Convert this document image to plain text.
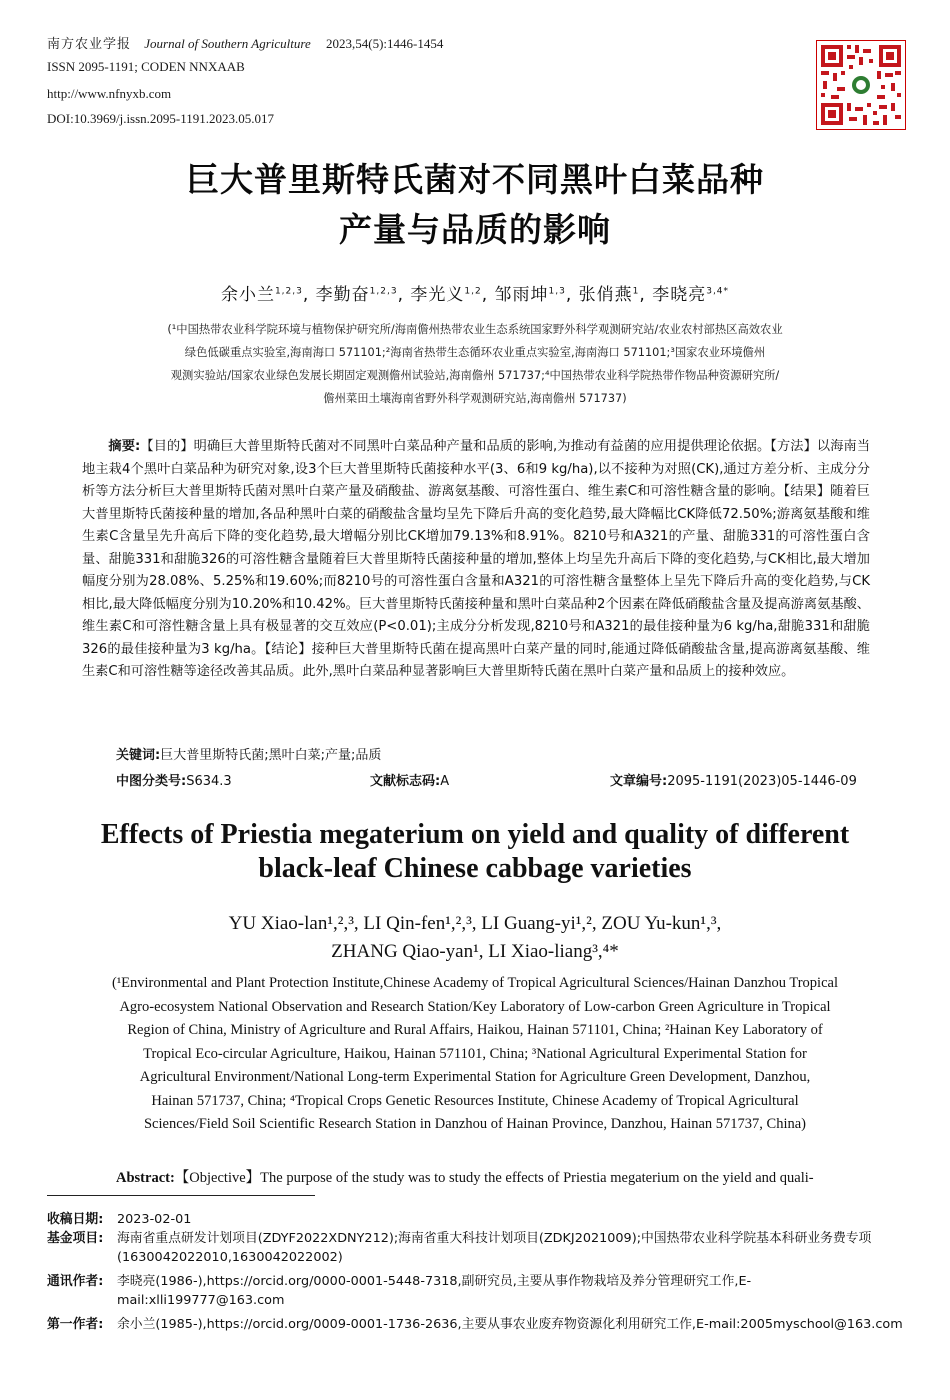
南方农业学报 Journal of Southern Agriculture 2023,54(5):1446-1454
ISSN 2095-1191; CODEN NNXAAB
http://www.nfnyxb.com
DOI:10.3969/j.issn.2095-1191.2023.05.017
巨大普里斯特氏菌对不同黑叶白菜品种
产量与品质的影响
余小兰$^{1,2,3}$, 李勤奋$^{1,2,3}$, 李光义$^{1,2}$, 邹雨坤$^{1,3}$, 张俏燕$^1$, 李晓亮$^{3,4*}$
(¹中国热带农业科学院环境与植物保护研究所/海南儋州热带农业生态系统国家野外科学观测研究站/农业农村部热区高效农业
绿色低碳重点实验室,海南海口 571101;²海南省热带生态循环农业重点实验室,海南海口 571101;³国家农业环境儋州
观测实验站/国家农业绿色发展长期固定观测儋州试验站,海南儋州 571737;⁴中国热带农业科学院热带作物品种资源研究所/
儋州菜田土壤海南省野外科学观测研究站,海南儋州 571737)

摘要:【目的】明确巨大普里斯特氏菌对不同黑叶白菜品种产量和品质的影响,为推动有益菌的应用提供理论依据。【方法】以海南当地主栽4个黑叶白菜品种为研究对象,设3个巨大普里斯特氏菌接种水平(3、6和9 kg/ha),以不接种为对照(CK),通过方差分析、主成分分析等方法分析巨大普里斯特氏菌对黑叶白菜产量及硝酸盐、游离氨基酸、可溶性蛋白、维生素C和可溶性糖含量的影响。【结果】随着巨大普里斯特氏菌接种量的增加,各品种黑叶白菜的硝酸盐含量均呈先下降后升高的变化趋势,最大降幅比CK降低72.50%;游离氨基酸和维生素C含量呈先升高后下降的变化趋势,最大增幅分别比CK增加79.13%和8.91%。8210号和A321的产量、甜脆331的可溶性蛋白含量、甜脆331和甜脆326的可溶性糖含量随着巨大普里斯特氏菌接种量的增加,整体上均呈先升高后下降的变化趋势,与CK相比,最大增加幅度分别为28.08%、5.25%和19.60%;而8210号的可溶性蛋白含量和A321的可溶性糖含量整体上呈先下降后升高的变化趋势,与CK相比,最大降低幅度分别为10.20%和10.42%。巨大普里斯特氏菌接种量和黑叶白菜品种2个因素在降低硝酸盐含量及提高游离氨基酸、维生素C和可溶性糖含量上具有极显著的交互效应(P<0.01);主成分分析发现,8210号和A321的最佳接种量为6 kg/ha,甜脆331和甜脆326的最佳接种量为3 kg/ha。【结论】接种巨大普里斯特氏菌在提高黑叶白菜产量的同时,能通过降低硝酸盐含量,提高游离氨基酸、维生素C和可溶性糖等途径改善其品质。此外,黑叶白菜品种显著影响巨大普里斯特氏菌在黑叶白菜产量和品质上的接种效应。

关键词:巨大普里斯特氏菌;黑叶白菜;产量;品质
中图分类号:S634.3	文献标志码:A	文章编号:2095-1191(2023)05-1446-09
Effects of Priestia megaterium on yield and quality of different
black-leaf Chinese cabbage varieties
YU Xiao-lan¹,²,³, LI Qin-fen¹,²,³, LI Guang-yi¹,², ZOU Yu-kun¹,³,
ZHANG Qiao-yan¹, LI Xiao-liang³,⁴*
(¹Environmental and Plant Protection Institute,Chinese Academy of Tropical Agricultural Sciences/Hainan Danzhou Tropical
Agro-ecosystem National Observation and Research Station/Key Laboratory of Low-carbon Green Agriculture in Tropical
Region of China, Ministry of Agriculture and Rural Affairs, Haikou, Hainan 571101, China; ²Hainan Key Laboratory of
Tropical Eco-circular Agriculture, Haikou, Hainan 571101, China; ³National Agricultural Experimental Station for
Agricultural Environment/National Long-term Experimental Station for Agriculture Green Development, Danzhou,
Hainan 571737, China; ⁴Tropical Crops Genetic Resources Institute, Chinese Academy of Tropical Agricultural
Sciences/Field Soil Scientific Research Station in Danzhou of Hainan Province, Danzhou, Hainan 571737, China)
Abstract:【Objective】The purpose of the study was to study the effects of Priestia megaterium on the yield and quali-
收稿日期: 2023-02-01
基金项目: 海南省重点研发计划项目(ZDYF2022XDNY212);海南省重大科技计划项目(ZDKJ2021009);中国热带农业科学院基本科研业务费专项(1630042022010,1630042022002)
通讯作者: 李晓亮(1986-),https://orcid.org/0000-0001-5448-7318,副研究员,主要从事作物栽培及养分管理研究工作,E-mail:xlli199777@163.com
第一作者: 余小兰(1985-),https://orcid.org/0009-0001-1736-2636,主要从事农业废弃物资源化利用研究工作,E-mail:2005myschool@163.com
